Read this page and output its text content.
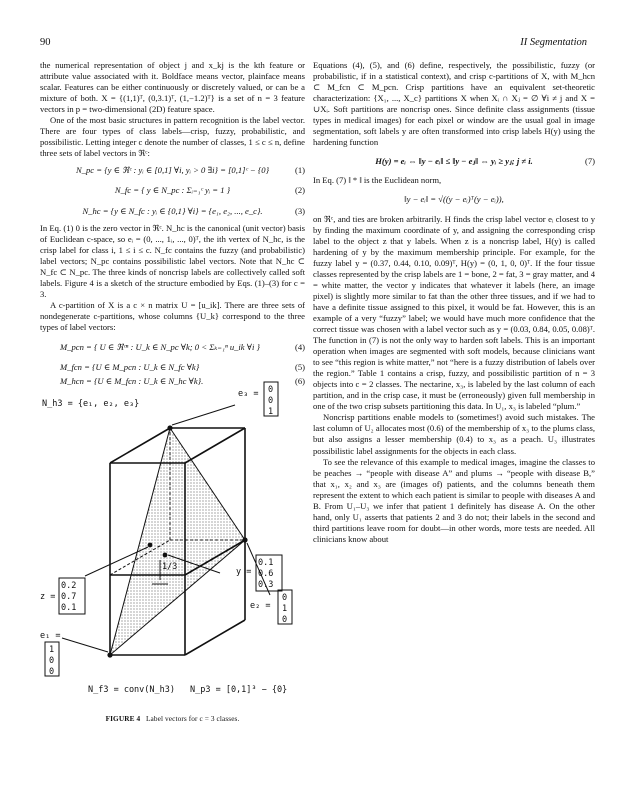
90	II Segmentation

the numerical representation of object j and x_kj is the kth feature or attribute value associated with it. Boldface means vector, plainface means scalar. Features can be either continuously or discretely valued, or can be a mixture of both. X = {(1,1)ᵀ, (0,3.1)ᵀ, (1,−1.2)ᵀ} is a set of n = 3 feature vectors in p = two-dimensional (2D) feature space.

One of the most basic structures in pattern recognition is the label vector. There are four types of class labels—crisp, fuzzy, probabilistic, and possibilistic. Letting integer c denote the number of classes, 1 ≤ c ≤ n, define three sets of label vectors in ℜᶜ:

N_pc = {y ∈ ℜᶜ : yᵢ ∈ [0,1] ∀i, yᵢ > 0 ∃i} = [0,1]ᶜ − {0}	(1)
N_fc = { y ∈ N_pc : Σᵢ₌₁ᶜ yᵢ = 1 }	(2)
N_hc = {y ∈ N_fc : yᵢ ∈ {0,1} ∀i} = {e₁, e₂, ..., e_c}.	(3)

In Eq. (1) 0 is the zero vector in ℜᶜ. N_hc is the canonical (unit vector) basis of Euclidean c-space, so eᵢ = (0, ..., 1ᵢ, ..., 0)ᵀ, the ith vertex of N_hc, is the crisp label for class i, 1 ≤ i ≤ c. N_fc contains the fuzzy (and probabilistic) label vectors; N_pc contains possibilistic label vectors. Note that N_hc ⊂ N_fc ⊂ N_pc. The three kinds of noncrisp labels are collectively called soft labels. Figure 4 is a sketch of the structure embodied by Eqs. (1)–(3) for c = 3.

A c-partition of X is a c × n matrix U = [u_ik]. There are three sets of nondegenerate c-partitions, whose columns {U_k} correspond to the three types of label vectors:

M_pcn = { U ∈ ℜᶜⁿ : U_k ∈ N_pc ∀k; 0 < Σₖ₌₁ⁿ u_ik ∀i }	(4)
M_fcn = {U ∈ M_pcn : U_k ∈ N_fc ∀k}	(5)
M_hcn = {U ∈ M_fcn : U_k ∈ N_hc ∀k}.	(6)
1/3
N_h3 = {e₁, e₂, e₃}
e₃ = 0
0
1
y =
0.1
0.6
0.3
z =
0.2
0.7
0.1	e₂ =
0
1
0
e₁ =
1
0
0
N_f3 = conv(N_h3) N_p3 = [0,1]³ − {0}
FIGURE 4 Label vectors for c = 3 classes.

Equations (4), (5), and (6) define, respectively, the possibilistic, fuzzy (or probabilistic, if in a statistical context), and crisp c-partitions of X, with M_hcn ⊂ M_fcn ⊂ M_pcn. Crisp partitions have an equivalent set-theoretic characterization: {X₁, ..., X_c} partitions X when Xᵢ ∩ Xⱼ = ∅ ∀i ≠ j and X = ∪Xᵢ. Soft partitions are noncrisp ones. Since definite class assignments (tissue types in medical images) for each pixel or window are the usual goal in image segmentation, soft labels y are often transformed into crisp labels H(y) using the hardening function

H(y) = eᵢ ⇔ ‖y − eᵢ‖ ≤ ‖y − eⱼ‖ ⇔ yᵢ ≥ yⱼ; j ≠ i.	(7)

In Eq. (7) ‖ * ‖ is the Euclidean norm,

‖y − eᵢ‖ = √((y − eᵢ)ᵀ(y − eᵢ)),

on ℜᶜ, and ties are broken arbitrarily. H finds the crisp label vector eᵢ closest to y by finding the maximum coordinate of y, and assigning the corresponding crisp label to the object z that y labels. When z is a noncrisp label, H(y) is called hardening of y by the maximum membership principle. For example, for the fuzzy label y = (0.37, 0.44, 0.10, 0.09)ᵀ, H(y) = (0, 1, 0, 0)ᵀ. If the four tissue classes represented by the crisp labels are 1 = bone, 2 = fat, 3 = gray matter, and 4 = white matter, the vector y indicates that whatever it labels (here, an image pixel) is slightly more similar to fat than the other three tissues, and if we had to have a definite tissue assigned to this pixel, it would be fat. However, this is an example of a very “fuzzy” label; we would have much more confidence that the correct tissue was chosen with a label vector such as y = (0.03, 0.84, 0.05, 0.08)ᵀ. The function in (7) is not the only way to harden soft labels. This is an important operation when images are segmented with soft models, because clinicians want to see “this region is white matter,” not “here is a fuzzy distribution of labels over the region.” Table 1 contains a crisp, fuzzy, and possibilistic partition of n = 3 objects into c = 2 classes. The nectarine, x₃, is labeled by the last column of each partition, and in the crisp case, it must be (erroneously) given full membership in one of the two crisp subsets partitioning this data. In U₁, x₃ is labeled “plum.”

Noncrisp partitions enable models to (sometimes!) avoid such mistakes. The last column of U₂ allocates most (0.6) of the membership of x₃ to the plums class, but also assigns a lesser membership (0.4) to x₃ as a peach. U₃ illustrates possibilistic label assignments for the objects in each class.

To see the relevance of this example to medical images, imagine the classes to be peaches → “people with disease A” and plums → “people with disease B,” that x₁, x₂ and x₃ are (images of) patients, and the columns beneath them represent the extent to which each patient is similar to people with diseases A and B. From U₁–U₃ we infer that patient 1 definitely has disease A. On the other hand, only U₁ asserts that patients 2 and 3 do not; their labels in the second and third partitions leave room for doubt—in other words, more tests are needed. All clinicians know about
